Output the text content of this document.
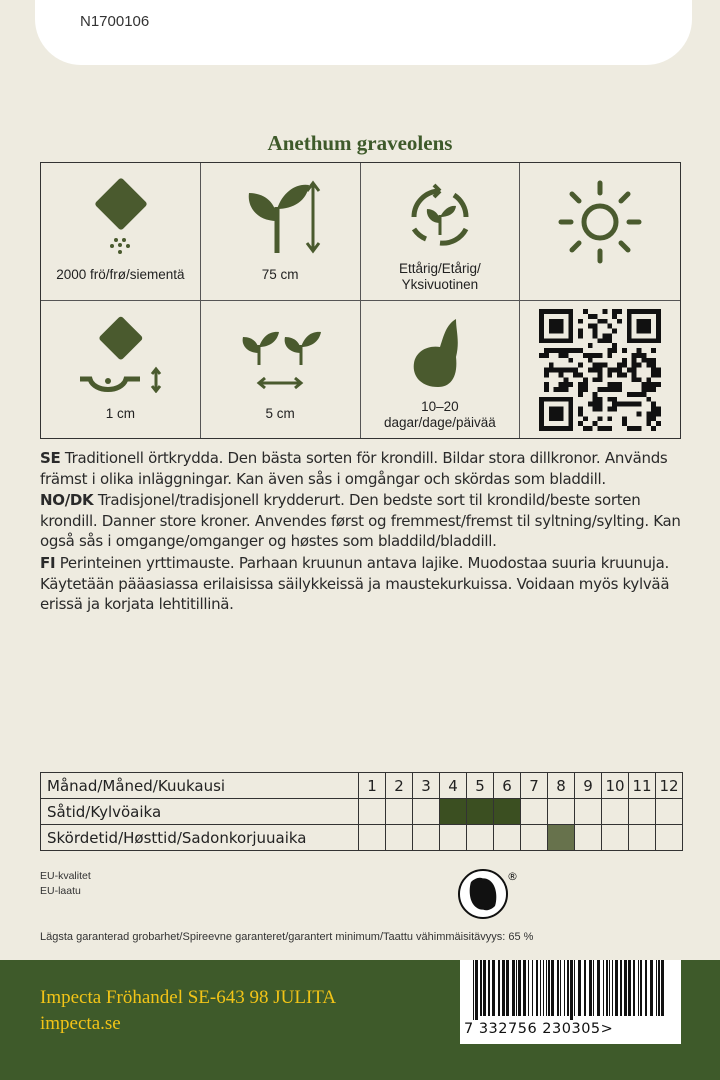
N1700106
Anethum graveolens
2000 frö/frø/siementä	75 cm	Ettårig/Etårig/
Yksivuotinen
1 cm	5 cm	10–20
dagar/dage/päivää

SE Traditionell örtkrydda. Den bästa sorten för krondill. Bildar stora dillkronor. Används främst i olika inläggningar. Kan även sås i omgångar och skördas som bladdill.

NO/DK Tradisjonel/tradisjonell krydderurt. Den bedste sort til krondild/beste sorten krondill. Danner store kroner. Anvendes først og fremmest/fremst til syltning/sylting. Kan også sås i omgange/omganger og høstes som bladdild/bladdill.

FI Perinteinen yrttimauste. Parhaan kruunun antava lajike. Muodostaa suuria kruunuja. Käytetään pääasiassa erilaisissa säilykkeissä ja maustekurkuissa. Voidaan myös kylvää erissä ja korjata lehtitillinä.

Månad/Måned/Kuukausi	1	2	3	4	5	6	7	8	9	10	11	12
Såtid/Kylvöaika												
Skördetid/Høsttid/Sadonkorjuuaika												
EU-kvalitet
EU-laatu
®
Lägsta garanterad grobarhet/Spireevne garanteret/garantert minimum/Taattu vähimmäisitävyys: 65 %
Impecta Fröhandel SE-643 98 JULITA
impecta.se	7 332756 230305>
